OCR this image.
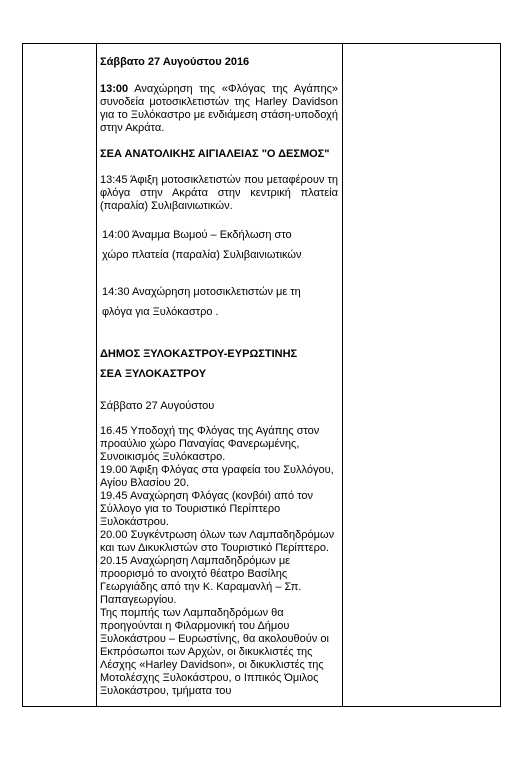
Σάββατο 27 Αυγούστου 2016

13:00 Αναχώρηση της «Φλόγας της Αγάπης» συνοδεία μοτοσικλετιστών της Harley Davidson για το Ξυλόκαστρο με ενδιάμεση στάση-υποδοχή στην Ακράτα.

ΣΕΑ ΑΝΑΤΟΛΙΚΗΣ ΑΙΓΙΑΛΕΙΑΣ "Ο ΔΕΣΜΟΣ"

13:45 Άφιξη μοτοσικλετιστών που μεταφέρουν τη φλόγα στην Ακράτα στην κεντρική πλατεία (παραλία) Συλιβαινιωτικών.

14:00 Άναμμα Βωμού – Εκδήλωση στο

χώρο πλατεία (παραλία) Συλιβαινιωτικών

14:30 Αναχώρηση μοτοσικλετιστών με τη

φλόγα για Ξυλόκαστρο .

ΔΗΜΟΣ ΞΥΛΟΚΑΣΤΡΟΥ-ΕΥΡΩΣΤΙΝΗΣ

ΣΕΑ ΞΥΛΟΚΑΣΤΡΟΥ

Σάββατο 27 Αυγούστου

16.45 Υποδοχή της Φλόγας της Αγάπης στον προαύλιο χώρο Παναγίας Φανερωμένης, Συνοικισμός Ξυλόκαστρο.

19.00 Άφιξη Φλόγας στα γραφεία του Συλλόγου, Αγίου Βλασίου 20.

19.45 Αναχώρηση Φλόγας (κονβόι) από τον Σύλλογο για το Τουριστικό Περίπτερο Ξυλοκάστρου.

20.00 Συγκέντρωση όλων των Λαμπαδηδρόμων και των Δικυκλιστών στο Τουριστικό Περίπτερο.

20.15 Αναχώρηση Λαμπαδηδρόμων με προορισμό το ανοιχτό θέατρο Βασίλης Γεωργιάδης από την Κ. Καραμανλή – Σπ. Παπαγεωργίου.

Της πομπής των Λαμπαδηδρόμων θα προηγούνται η Φιλαρμονική του Δήμου Ξυλοκάστρου – Ευρωστίνης, θα ακολουθούν οι Εκπρόσωποι των Αρχών, οι δικυκλιστές της Λέσχης «Harley Davidson», οι δικυκλιστές της Μοτολέσχης Ξυλοκάστρου, ο Ιππικός Όμιλος Ξυλοκάστρου, τμήματα του
